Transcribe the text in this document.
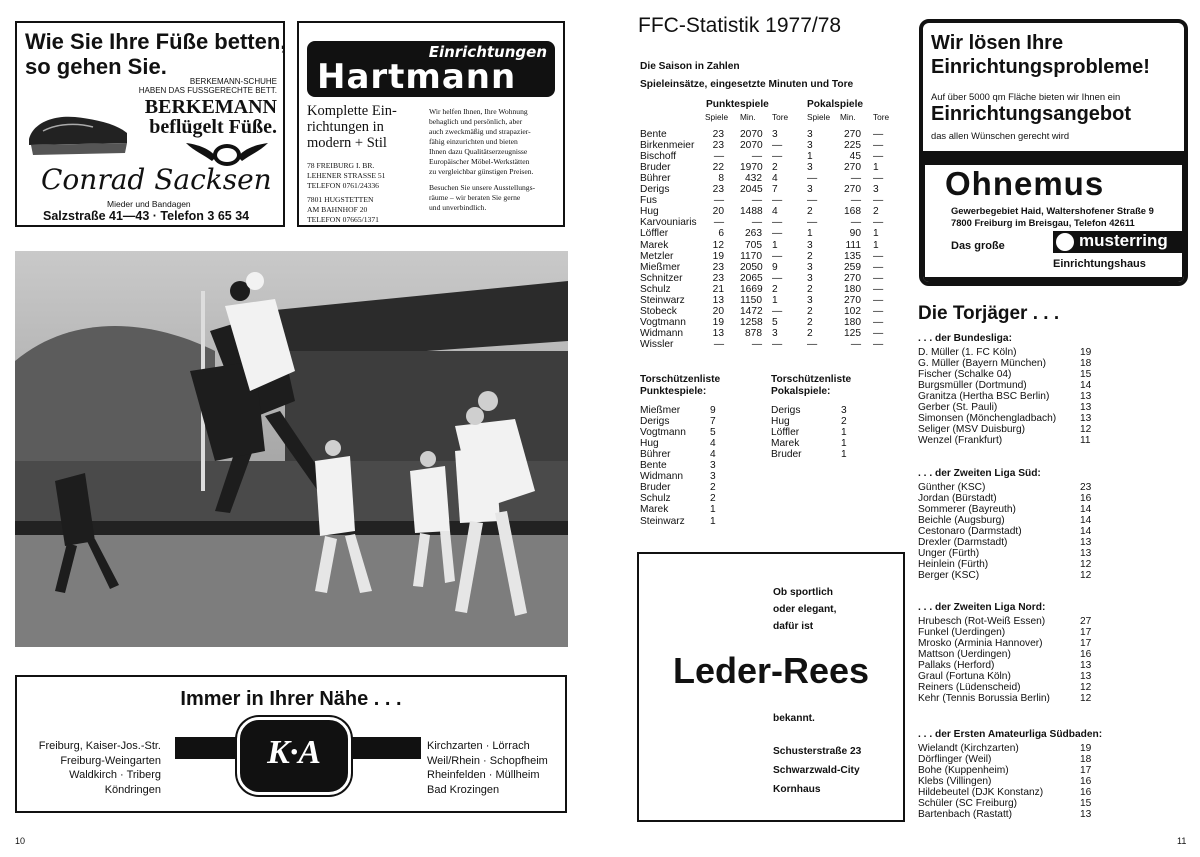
Wie Sie Ihre Füße betten,
so gehen Sie.
BERKEMANN-SCHUHE
HABEN DAS FUSSGERECHTE BETT.
BERKEMANN
beflügelt Füße.
Conrad Sacksen
Mieder und Bandagen
Salzstraße 41—43 · Telefon 3 65 34
Einrichtungen
Hartmann
Komplette Ein-
richtungen in
modern + Stil
78 FREIBURG I. BR.
LEHENER STRASSE 51
TELEFON 0761/24336
7801 HUGSTETTEN
AM BAHNHOF 20
TELEFON 07665/1371
Wir helfen Ihnen, Ihre Wohnung
behaglich und persönlich, aber
auch zweckmäßig und strapazier-
fähig einzurichten und bieten
Ihnen dazu Qualitätserzeugnisse
Europäischer Möbel-Werkstätten
zu vergleichbar günstigen Preisen.
Besuchen Sie unsere Ausstellungs-
räume – wir beraten Sie gerne
und unverbindlich.
Immer in Ihrer Nähe . . .
K·A
Freiburg, Kaiser-Jos.-Str.
Freiburg-Weingarten
Waldkirch · Triberg
Köndringen
Kirchzarten · Lörrach
Weil/Rhein · Schopfheim
Rheinfelden · Müllheim
Bad Krozingen
10
FFC-Statistik 1977/78
Die Saison in Zahlen
Spieleinsätze, eingesetzte Minuten und Tore
Punktespiele	Pokalspiele
Spiele Min. Tore Spiele Min. Tore
Bente	23 2070 3	3	270 —
Birkenmeier	23 2070 — 3	225 —
Bischoff	—	— — 1	45 —
Bruder	22 1970 2	3	270 1
Bührer	8	432 4	—	— —
Derigs	23 2045 7	3	270 3
Fus	—	— — —	— —
Hug	20 1488 4	2	168 2
Karvouniaris	—	— — —	— —
Löffler	6	263 — 1	90 1
Marek	12	705 1	3	111 1
Metzler	19 1170 — 2	135 —
Mießmer	23 2050 9	3	259 —
Schnitzer	23 2065 — 3	270 —
Schulz	21 1669 2	2	180 —
Steinwarz	13 1150 1	3	270 —
Stobeck	20 1472 — 2	102 —
Vogtmann	19 1258 5	2	180 —
Widmann	13	878 3	2	125 —
Wissler	—	— — —	— —
Torschützenliste
Punktespiele:
Torschützenliste
Pokalspiele:
Mießmer	9
Derigs	7
Vogtmann 5
Hug	4
Bührer	4
Bente	3
Widmann	3
Bruder	2
Schulz	2
Marek	1
Steinwarz 1
Derigs	3
Hug	2
Löffler	1
Marek	1
Bruder	1
Ob sportlich
oder elegant,
dafür ist
Leder-Rees
bekannt.
Schusterstraße 23
Schwarzwald-City
Kornhaus
Wir lösen Ihre
Einrichtungsprobleme!
Auf über 5000 qm Fläche bieten wir Ihnen ein
Einrichtungsangebot
das allen Wünschen gerecht wird
Ohnemus
Gewerbegebiet Haid, Waltershofener Straße 9
7800 Freiburg im Breisgau, Telefon 42611
Das große	musterring
Einrichtungshaus
Die Torjäger . . .
. . . der Bundesliga:
D. Müller (1. FC Köln)	19
G. Müller (Bayern München)	18
Fischer (Schalke 04)	15
Burgsmüller (Dortmund)	14
Granitza (Hertha BSC Berlin)	13
Gerber (St. Pauli)	13
Simonsen (Mönchengladbach) 13
Seliger (MSV Duisburg)	12
Wenzel (Frankfurt)	11
. . . der Zweiten Liga Süd:
Günther (KSC)	23
Jordan (Bürstadt)	16
Sommerer (Bayreuth)	14
Beichle (Augsburg)	14
Cestonaro (Darmstadt)	14
Drexler (Darmstadt)	13
Unger (Fürth)	13
Heinlein (Fürth)	12
Berger (KSC)	12
. . . der Zweiten Liga Nord:
Hrubesch (Rot-Weiß Essen)	27
Funkel (Uerdingen)	17
Mrosko (Arminia Hannover)	17
Mattson (Uerdingen)	16
Pallaks (Herford)	13
Graul (Fortuna Köln)	13
Reiners (Lüdenscheid)	12
Kehr (Tennis Borussia Berlin)	12
. . . der Ersten Amateurliga Südbaden:
Wielandt (Kirchzarten)	19
Dörflinger (Weil)	18
Bohe (Kuppenheim)	17
Klebs (Villingen)	16
Hildebeutel (DJK Konstanz)	16
Schüler (SC Freiburg)	15
Bartenbach (Rastatt)	13
11
